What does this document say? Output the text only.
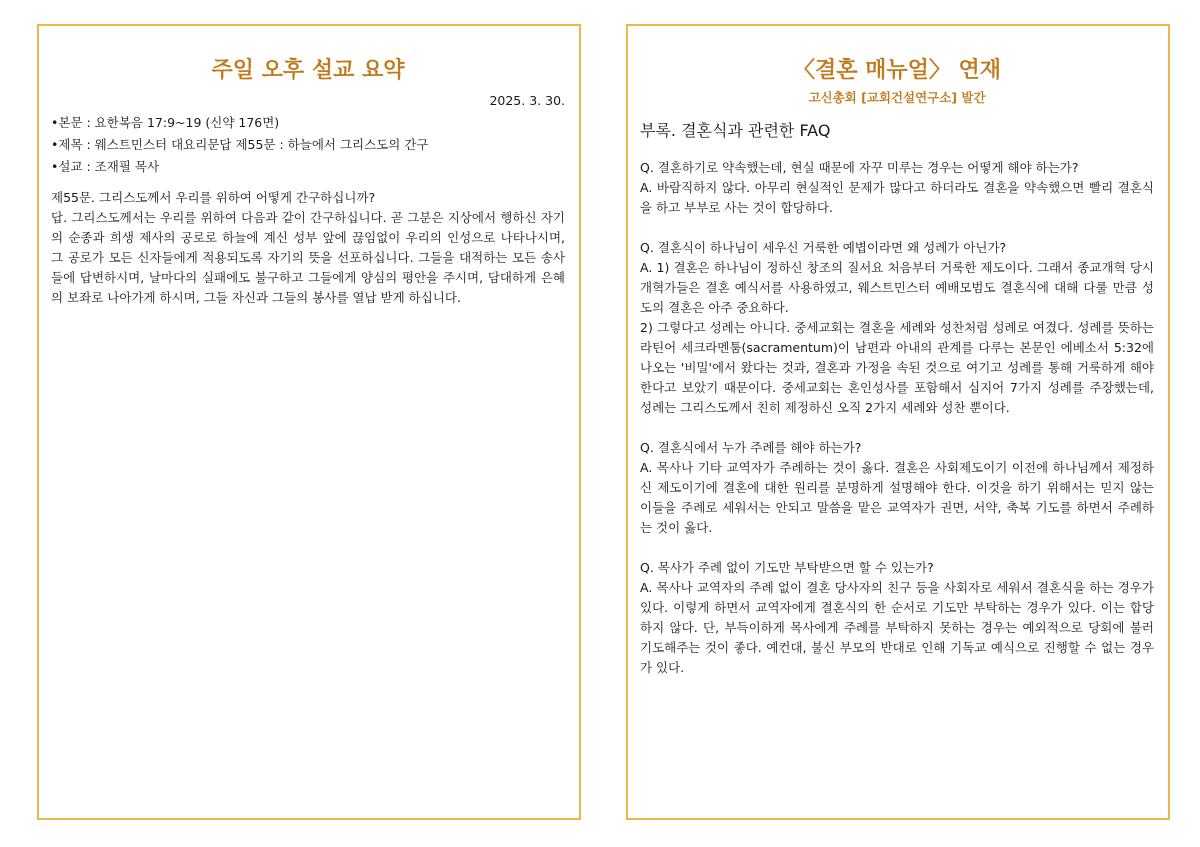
주일 오후 설교 요약
2025. 3. 30.
•본문 : 요한복음 17:9~19 (신약 176면)
•제목 : 웨스트민스터 대요리문답 제55문 : 하늘에서 그리스도의 간구
•설교 : 조재필 목사

제55문. 그리스도께서 우리를 위하여 어떻게 간구하십니까?

답. 그리스도께서는 우리를 위하여 다음과 같이 간구하십니다. 곧 그분은 지상에서 행하신 자기의 순종과 희생 제사의 공로로 하늘에 계신 성부 앞에 끊임없이 우리의 인성으로 나타나시며, 그 공로가 모든 신자들에게 적용되도록 자기의 뜻을 선포하십니다. 그들을 대적하는 모든 송사들에 답변하시며, 날마다의 실패에도 불구하고 그들에게 양심의 평안을 주시며, 담대하게 은혜의 보좌로 나아가게 하시며, 그들 자신과 그들의 봉사를 열납 받게 하십니다.

〈결혼 매뉴얼〉 연재
고신총회 [교회건설연구소] 발간
부록. 결혼식과 관련한 FAQ

Q. 결혼하기로 약속했는데, 현실 때문에 자꾸 미루는 경우는 어떻게 해야 하는가?

A. 바람직하지 않다. 아무리 현실적인 문제가 많다고 하더라도 결혼을 약속했으면 빨리 결혼식을 하고 부부로 사는 것이 합당하다.

Q. 결혼식이 하나님이 세우신 거룩한 예볍이라면 왜 성례가 아닌가?

A. 1) 결혼은 하나님이 정하신 창조의 질서요 처음부터 거룩한 제도이다. 그래서 종교개혁 당시 개혁가들은 결혼 예식서를 사용하였고, 웨스트민스터 예배모범도 결혼식에 대해 다룰 만큼 성도의 결혼은 아주 중요하다.

2) 그렇다고 성례는 아니다. 중세교회는 결혼을 세례와 성찬처럼 성례로 여겼다. 성례를 뜻하는 라틴어 세크라멘툼(sacramentum)이 남편과 아내의 관계를 다루는 본문인 에베소서 5:32에 나오는 '비밀'에서 왔다는 것과, 결혼과 가정을 속된 것으로 여기고 성례를 통해 거룩하게 해야 한다고 보았기 때문이다. 중세교회는 혼인성사를 포함해서 심지어 7가지 성례를 주장했는데, 성례는 그리스도께서 친히 제정하신 오직 2가지 세례와 성찬 뿐이다.

Q. 결혼식에서 누가 주례를 해야 하는가?

A. 목사나 기타 교역자가 주례하는 것이 옳다. 결혼은 사회제도이기 이전에 하나님께서 제정하신 제도이기에 결혼에 대한 원리를 분명하게 설명해야 한다. 이것을 하기 위해서는 믿지 않는 이들을 주례로 세워서는 안되고 말씀을 맡은 교역자가 권면, 서약, 축복 기도를 하면서 주례하는 것이 옳다.

Q. 목사가 주례 없이 기도만 부탁받으면 할 수 있는가?

A. 목사나 교역자의 주례 없이 결혼 당사자의 친구 등을 사회자로 세워서 결혼식을 하는 경우가 있다. 이렇게 하면서 교역자에게 결혼식의 한 순서로 기도만 부탁하는 경우가 있다. 이는 합당하지 않다. 단, 부득이하게 목사에게 주례를 부탁하지 못하는 경우는 예외적으로 당회에 불러 기도해주는 것이 좋다. 예컨대, 불신 부모의 반대로 인해 기독교 예식으로 진행할 수 없는 경우가 있다.
